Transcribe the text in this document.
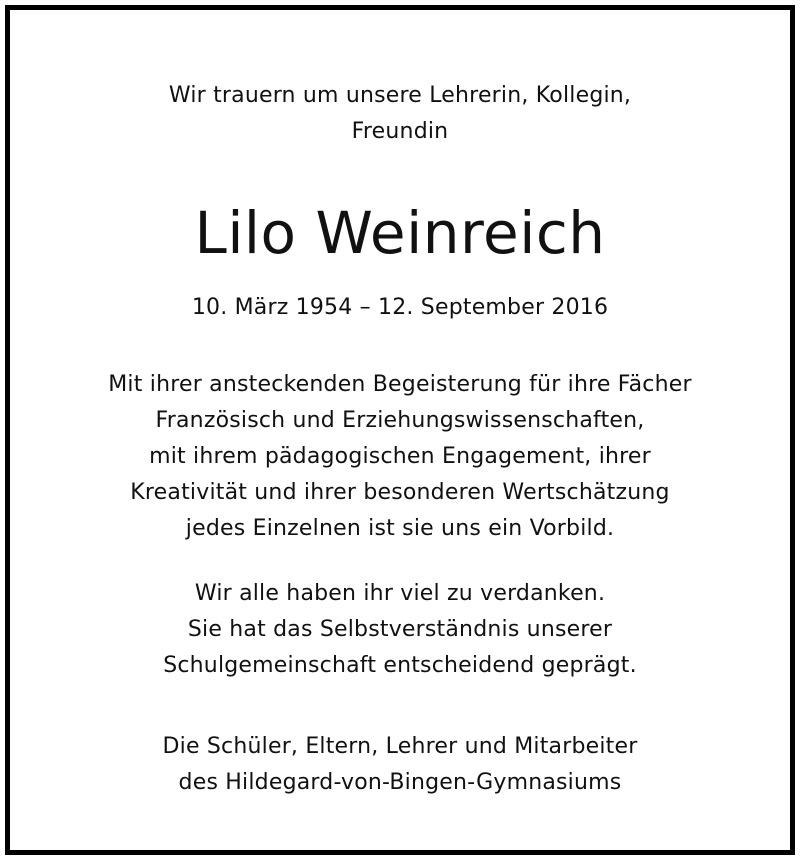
Wir trauern um unsere Lehrerin, Kollegin,
Freundin
Lilo Weinreich
10. März 1954 – 12. September 2016
Mit ihrer ansteckenden Begeisterung für ihre Fächer
Französisch und Erziehungswissenschaften,
mit ihrem pädagogischen Engagement, ihrer
Kreativität und ihrer besonderen Wertschätzung
jedes Einzelnen ist sie uns ein Vorbild.
Wir alle haben ihr viel zu verdanken.
Sie hat das Selbstverständnis unserer
Schulgemeinschaft entscheidend geprägt.
Die Schüler, Eltern, Lehrer und Mitarbeiter
des Hildegard-von-Bingen-Gymnasiums
